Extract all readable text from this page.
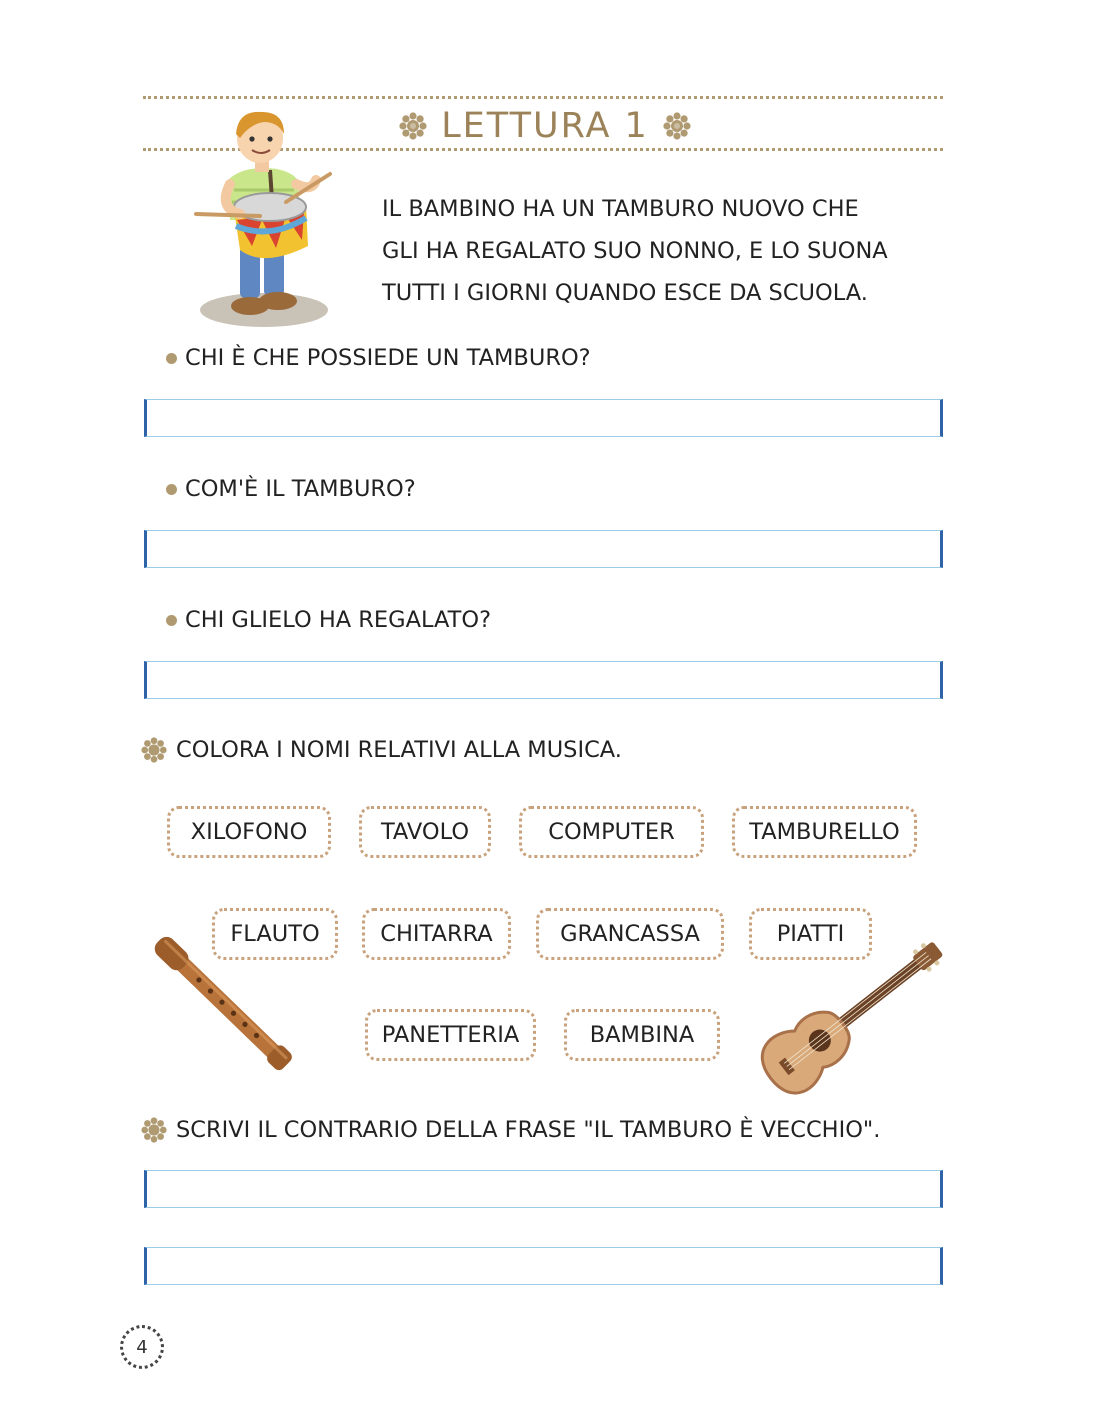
LETTURA 1
IL BAMBINO HA UN TAMBURO NUOVO CHE
GLI HA REGALATO SUO NONNO, E LO SUONA
TUTTI I GIORNI QUANDO ESCE DA SCUOLA.
CHI È CHE POSSIEDE UN TAMBURO?
COM'È IL TAMBURO?
CHI GLIELO HA REGALATO?
COLORA I NOMI RELATIVI ALLA MUSICA.
XILOFONO	TAVOLO	COMPUTER	TAMBURELLO
FLAUTO	CHITARRA	GRANCASSA	PIATTI
PANETTERIA	BAMBINA
SCRIVI IL CONTRARIO DELLA FRASE "IL TAMBURO È VECCHIO".
4
